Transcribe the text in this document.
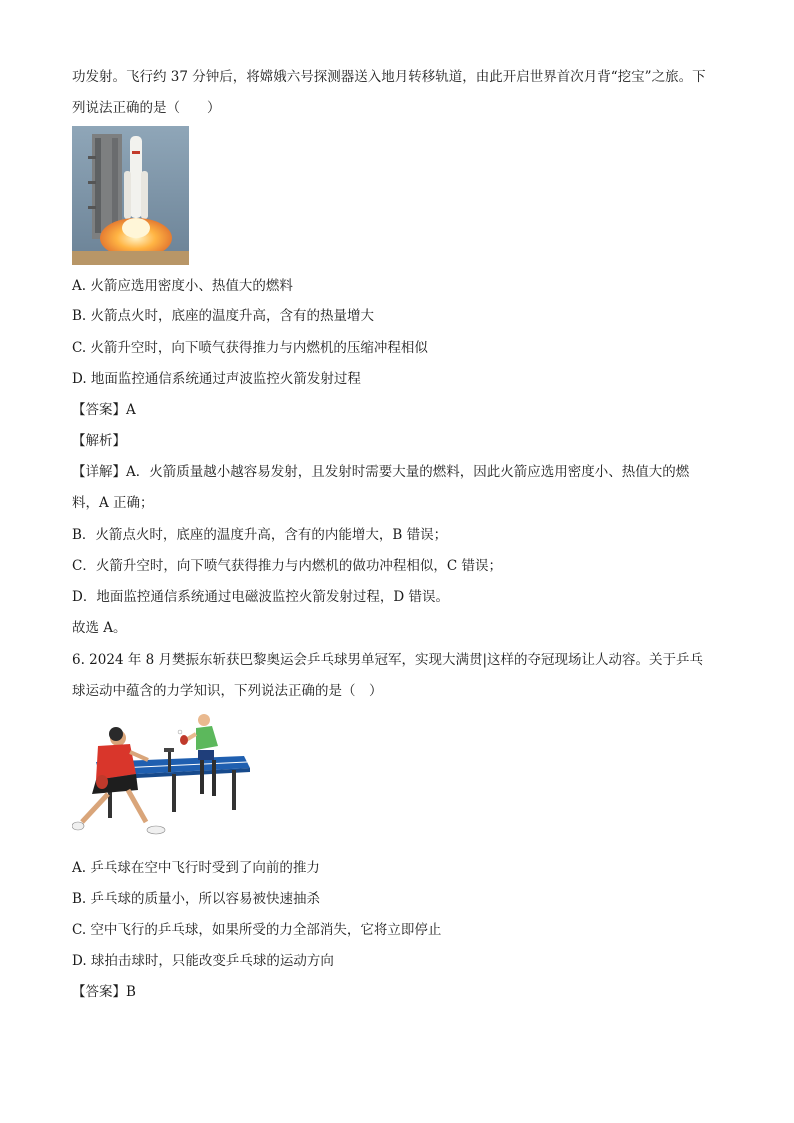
功发射。飞行约 37 分钟后，将嫦娥六号探测器送入地月转移轨道，由此开启世界首次月背“挖宝”之旅。下
列说法正确的是（　　）
A. 火箭应选用密度小、热值大的燃料
B. 火箭点火时，底座的温度升高，含有的热量增大
C. 火箭升空时，向下喷气获得推力与内燃机的压缩冲程相似
D. 地面监控通信系统通过声波监控火箭发射过程
【答案】A
【解析】
【详解】A．火箭质量越小越容易发射，且发射时需要大量的燃料，因此火箭应选用密度小、热值大的燃
料，A 正确；
B．火箭点火时，底座的温度升高，含有的内能增大，B 错误；
C．火箭升空时，向下喷气获得推力与内燃机的做功冲程相似，C 错误；
D．地面监控通信系统通过电磁波监控火箭发射过程，D 错误。
故选 A。
6. 2024 年 8 月樊振东斩获巴黎奥运会乒乓球男单冠军，实现大满贯|这样的夺冠现场让人动容。关于乒乓
球运动中蕴含的力学知识，下列说法正确的是（　）
A. 乒乓球在空中飞行时受到了向前的推力
B. 乒乓球的质量小，所以容易被快速抽杀
C. 空中飞行的乒乓球，如果所受的力全部消失，它将立即停止
D. 球拍击球时，只能改变乒乓球的运动方向
【答案】B
